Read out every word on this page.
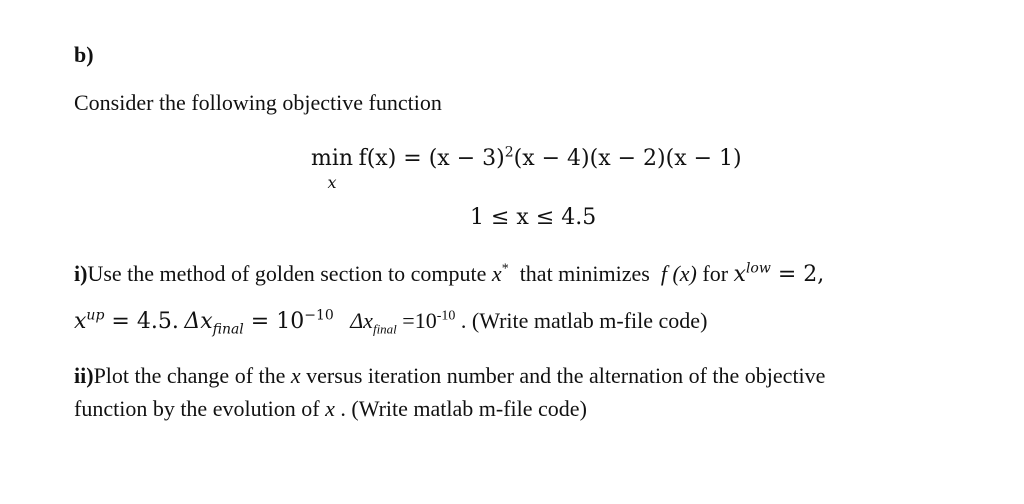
b)
Consider the following objective function
min
x
$f(x) = (x - 3)^2(x - 4)(x - 2)(x - 1)$
1 ≤ x ≤ 4.5
i)Use the method of golden section to compute x* that minimizes f (x) for $x^{low} = 2$,
$x^{up} = 4.5$. $\Delta x_{final} = 10^{-10}$ $\Delta x_{final} =10^{-10}$ . (Write matlab m-file code)
ii)Plot the change of the x versus iteration number and the alternation of the objective
function by the evolution of x . (Write matlab m-file code)
